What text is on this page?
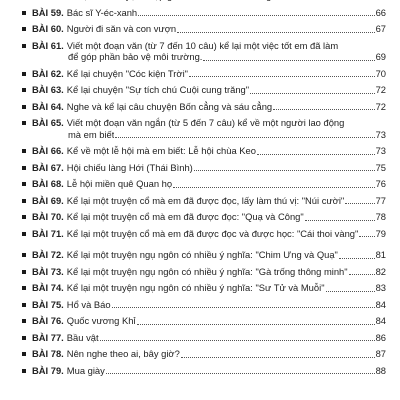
BÀI 59. Bác sĩ Y-éc-xanh	66
BÀI 60. Người đi săn và con vượn	67
BÀI 61. Viết một đoạn văn (từ 7 đến 10 câu) kể lại một việc tốt em đã làm
để góp phần bảo vệ môi trường.	69
BÀI 62. Kể lại chuyện "Cóc kiện Trời"	70
BÀI 63. Kể lại chuyện "Sự tích chú Cuội cung trăng"	72
BÀI 64. Nghe và kể lại câu chuyện Bốn cẳng và sáu cẳng	72
BÀI 65. Viết một đoạn văn ngắn (từ 5 đến 7 câu) kể về một người lao động
mà em biết	73
BÀI 66. Kể về một lễ hội mà em biết: Lễ hội chùa Keo	73
BÀI 67. Hội chiếu làng Hới (Thái Bình)	75
BÀI 68. Lễ hội miền quê Quan họ	76
BÀI 69. Kể lại một truyện cổ mà em đã được đọc, lấy làm thú vị: "Núi cười"	77
BÀI 70. Kể lại một truyện cổ mà em đã được đọc: "Quạ và Công"	78
BÀI 71. Kể lại một truyện cổ mà em đã được đọc và được học: "Cái thoi vàng" 79
BÀI 72. Kể lại một truyện ngụ ngôn có nhiều ý nghĩa: "Chim Ưng và Quạ"	81
BÀI 73. Kể lại một truyện ngụ ngôn có nhiều ý nghĩa: "Gà trống thông minh"	82
BÀI 74. Kể lại một truyện ngụ ngôn có nhiều ý nghĩa: "Sư Tử và Muỗi"	83
BÀI 75. Hổ và Báo	84
BÀI 76. Quốc vương Khỉ	84
BÀI 77. Bầu vật	86
BÀI 78. Nên nghe theo ai, bây giờ?	87
BÀI 79. Mua giày	88
